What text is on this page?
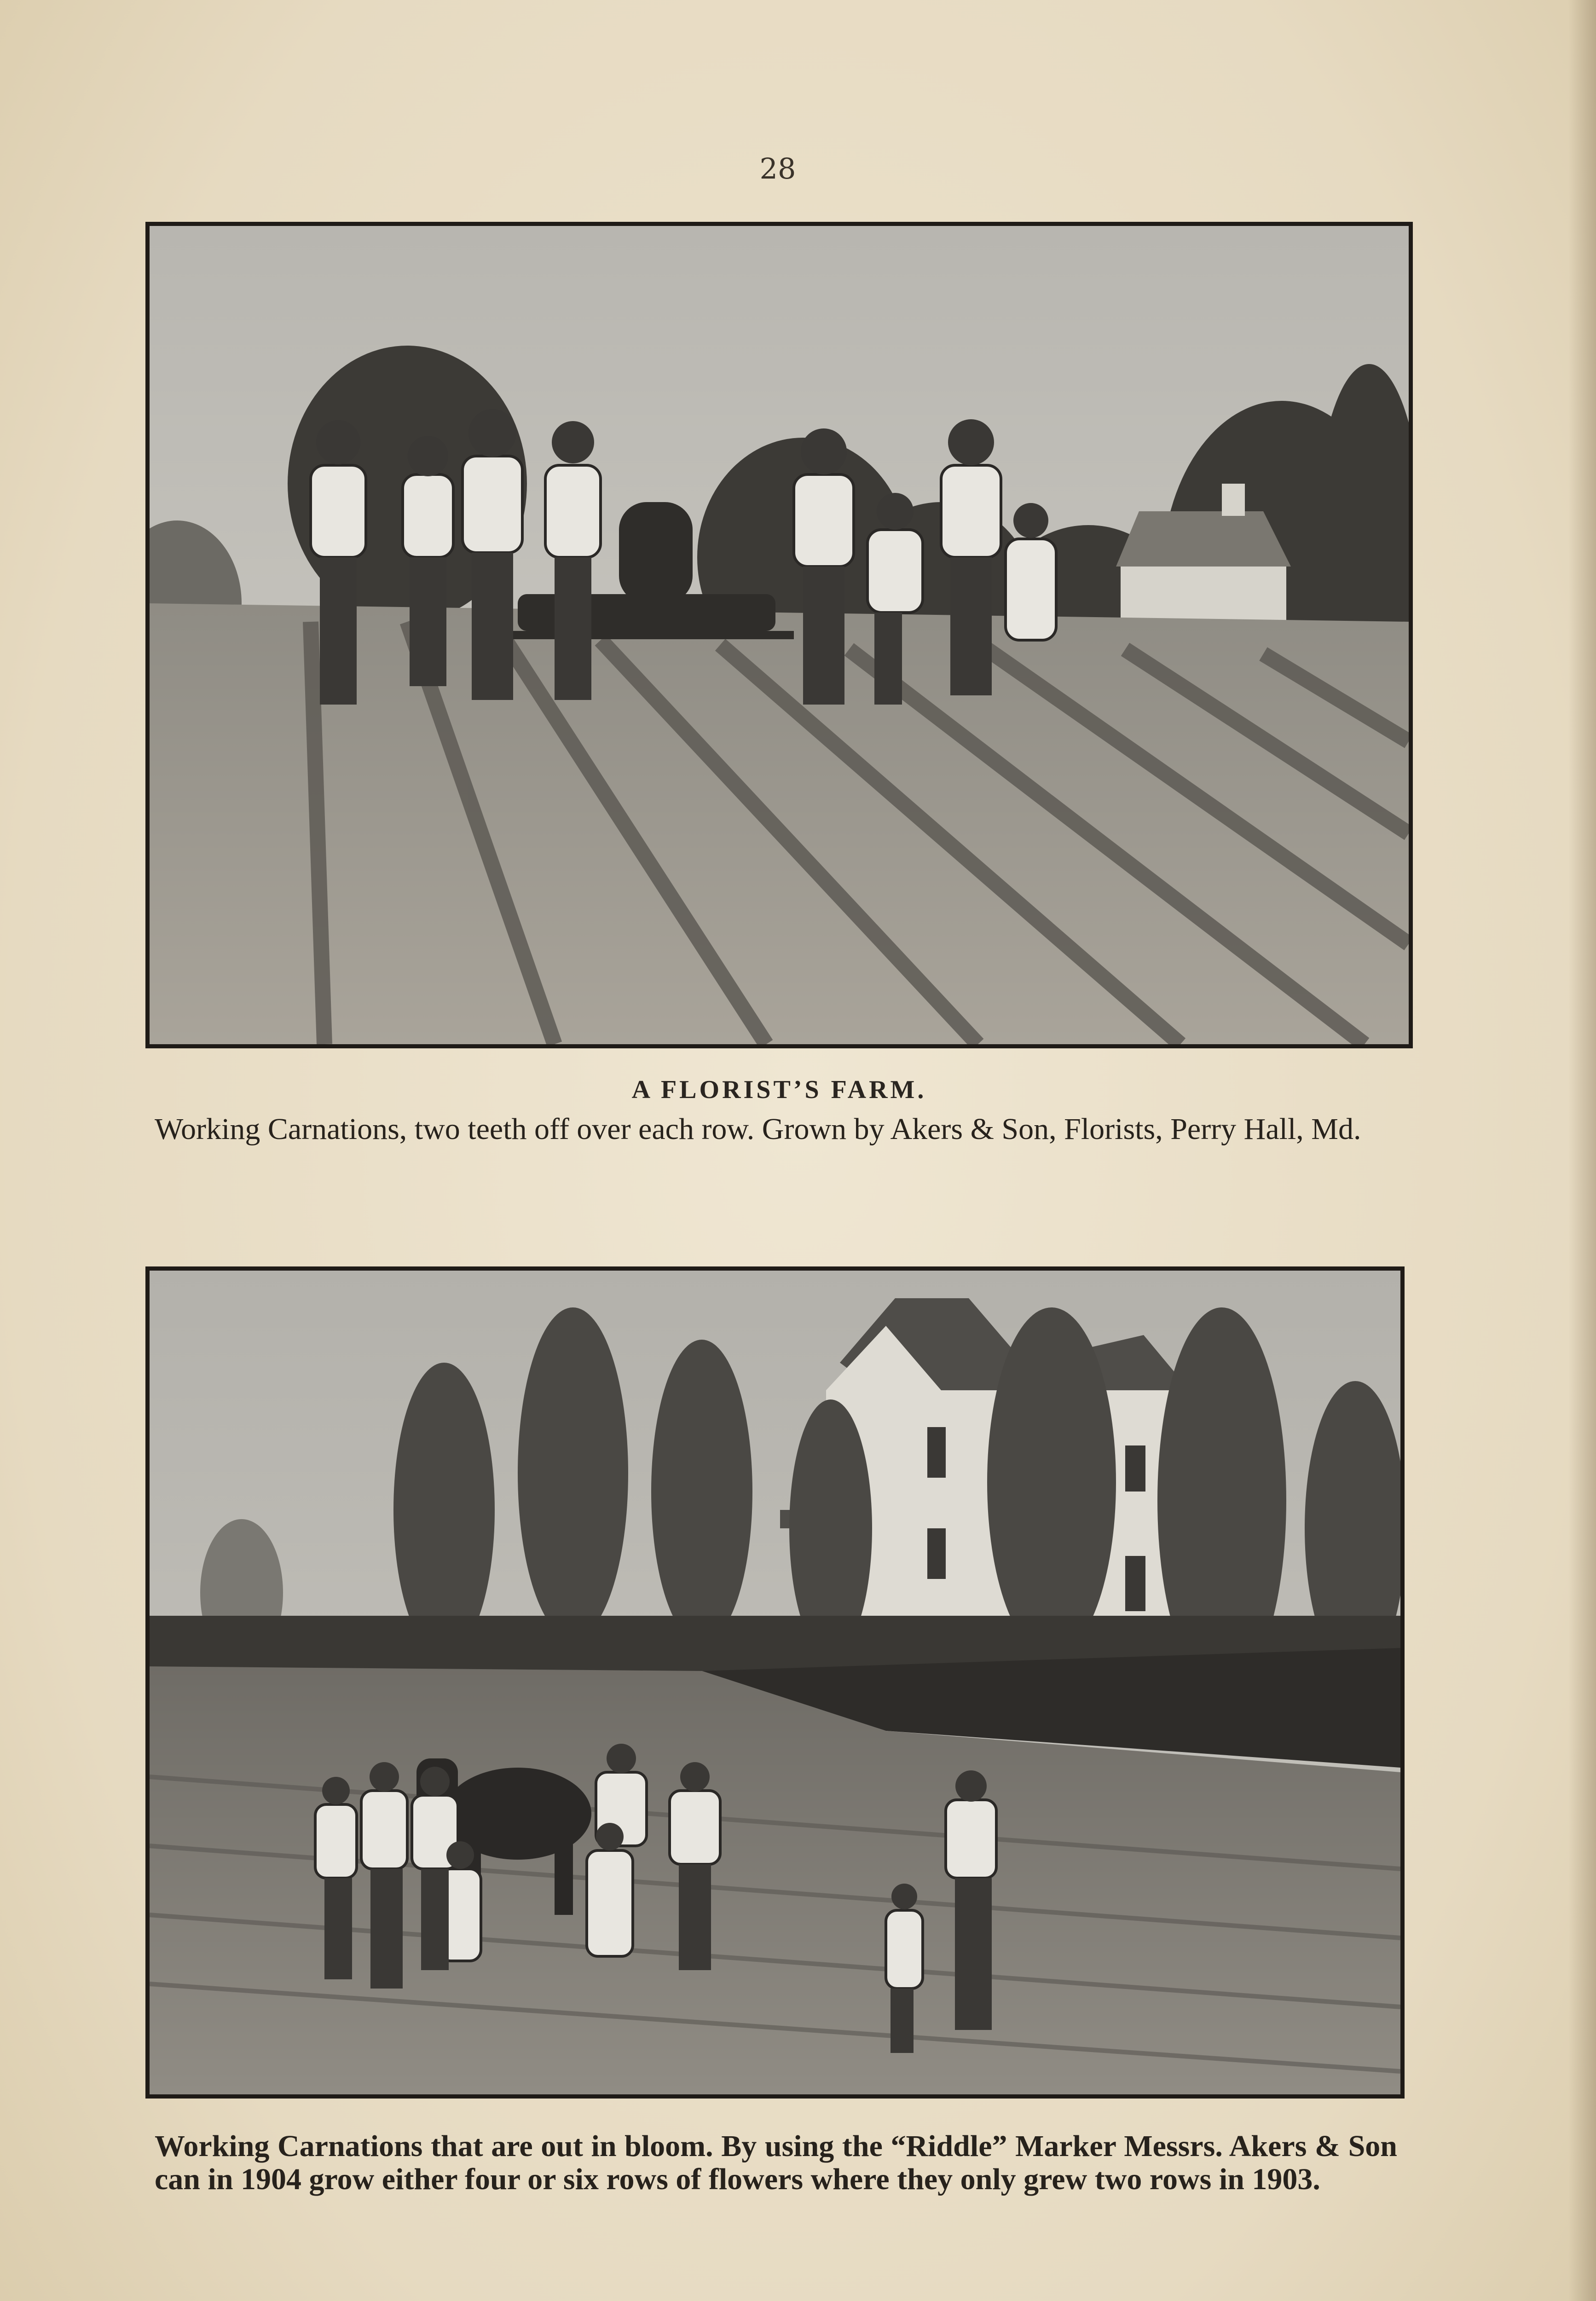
28
A FLORIST’S FARM.
Working Carnations, two teeth off over each row. Grown by Akers & Son, Florists, Perry Hall, Md.
Working Carnations that are out in bloom. By using the “Riddle” Marker Messrs. Akers & Son can in 1904 grow either four or six rows of flowers where they only grew two rows in 1903.
